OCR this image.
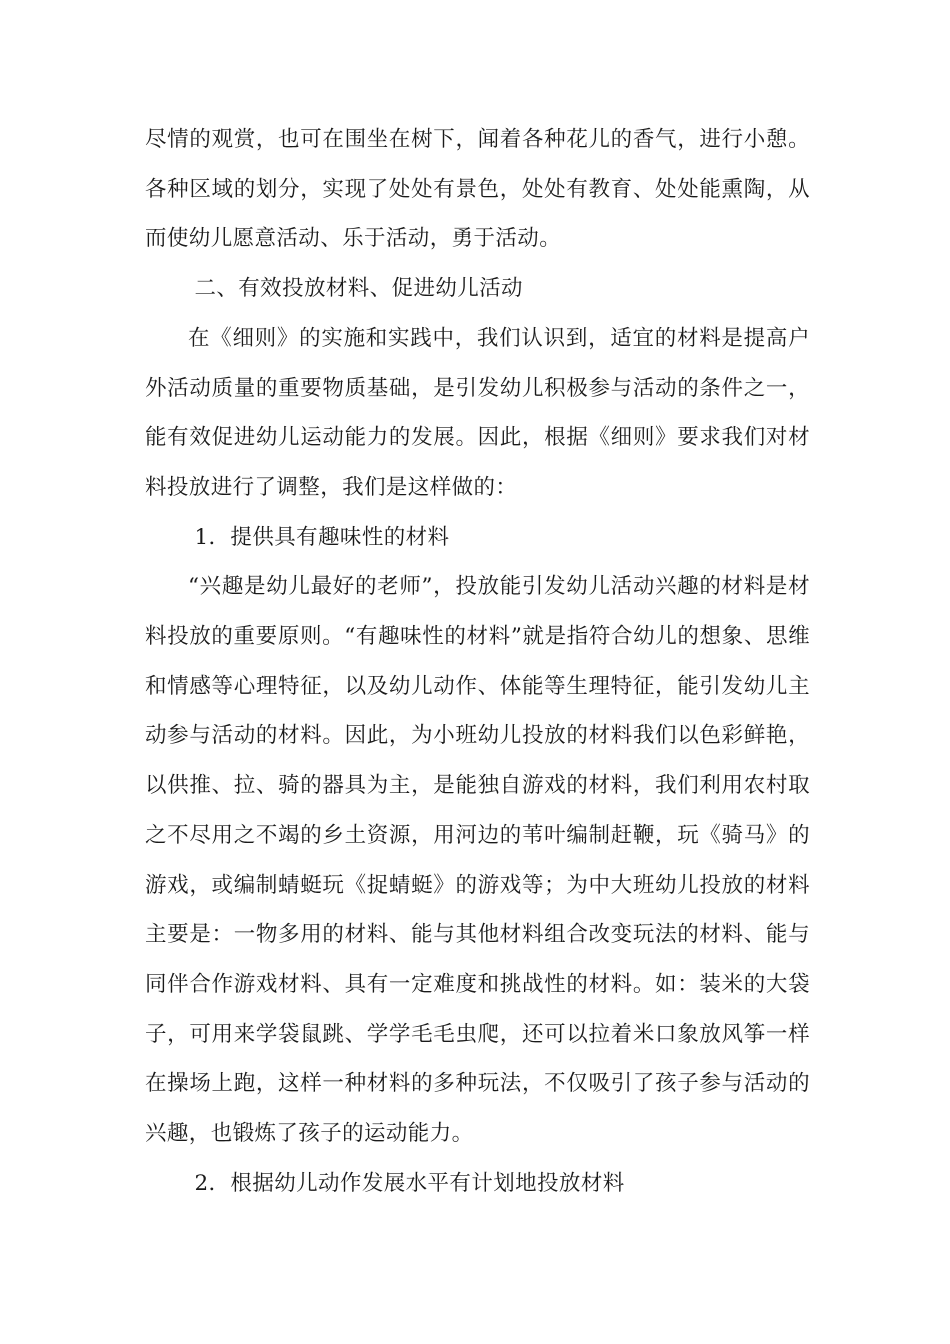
尽情的观赏，也可在围坐在树下，闻着各种花儿的香气，进行小憩。各种区域的划分，实现了处处有景色，处处有教育、处处能熏陶，从而使幼儿愿意活动、乐于活动，勇于活动。

二、有效投放材料、促进幼儿活动

在《细则》的实施和实践中，我们认识到，适宜的材料是提高户外活动质量的重要物质基础，是引发幼儿积极参与活动的条件之一，能有效促进幼儿运动能力的发展。因此，根据《细则》要求我们对材料投放进行了调整，我们是这样做的：

1．提供具有趣味性的材料

“兴趣是幼儿最好的老师”，投放能引发幼儿活动兴趣的材料是材料投放的重要原则。“有趣味性的材料”就是指符合幼儿的想象、思维和情感等心理特征，以及幼儿动作、体能等生理特征，能引发幼儿主动参与活动的材料。因此，为小班幼儿投放的材料我们以色彩鲜艳，以供推、拉、骑的器具为主，是能独自游戏的材料，我们利用农村取之不尽用之不竭的乡土资源，用河边的苇叶编制赶鞭，玩《骑马》的游戏，或编制蜻蜓玩《捉蜻蜓》的游戏等；为中大班幼儿投放的材料主要是：一物多用的材料、能与其他材料组合改变玩法的材料、能与同伴合作游戏材料、具有一定难度和挑战性的材料。如：装米的大袋子，可用来学袋鼠跳、学学毛毛虫爬，还可以拉着米口象放风筝一样在操场上跑，这样一种材料的多种玩法，不仅吸引了孩子参与活动的兴趣，也锻炼了孩子的运动能力。

2．根据幼儿动作发展水平有计划地投放材料
